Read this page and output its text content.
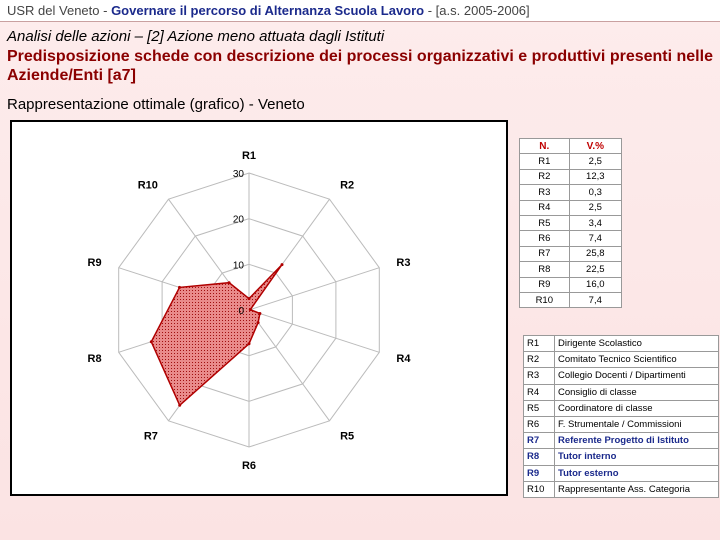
USR del Veneto - Governare il percorso di Alternanza Scuola Lavoro - [a.s. 2005-2006]
Analisi delle azioni – [2] Azione meno attuata dagli Istituti
Predisposizione schede con descrizione dei processi organizzativi e produttivi presenti nelle Aziende/Enti [a7]
Rappresentazione ottimale (grafico) - Veneto
0
10
20
30
R1
R2
R3
R4
R5
R6
R7
R8
R9
R10
N.	V.%
R1	2,5
R2	12,3
R3	0,3
R4	2,5
R5	3,4
R6	7,4
R7	25,8
R8	22,5
R9	16,0
R10	7,4
R1	Dirigente Scolastico
R2	Comitato Tecnico Scientifico
R3	Collegio Docenti / Dipartimenti
R4	Consiglio di classe
R5	Coordinatore di classe
R6	F. Strumentale / Commissioni
R7	Referente Progetto di Istituto
R8	Tutor interno
R9	Tutor esterno
R10	Rappresentante Ass. Categoria
